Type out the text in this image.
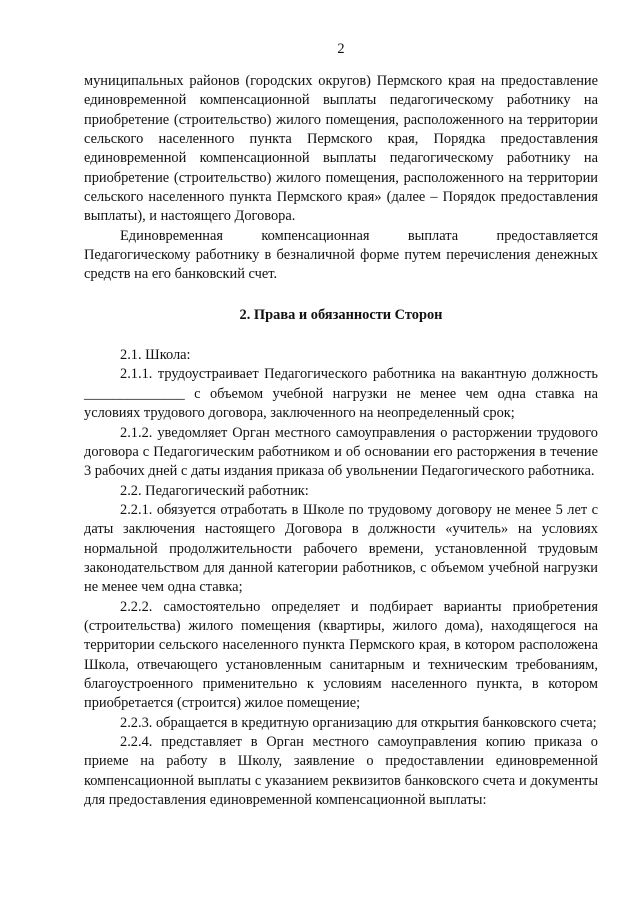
2

муниципальных районов (городских округов) Пермского края на предоставление единовременной компенсационной выплаты педагогическому работнику на приобретение (строительство) жилого помещения, расположенного на территории сельского населенного пункта Пермского края, Порядка предоставления единовременной компенсационной выплаты педагогическому работнику на приобретение (строительство) жилого помещения, расположенного на территории сельского населенного пункта Пермского края» (далее – Порядок предоставления выплаты), и настоящего Договора.

Единовременная компенсационная выплата предоставляется Педагогическому работнику в безналичной форме путем перечисления денежных средств на его банковский счет.

2. Права и обязанности Сторон

2.1. Школа:

2.1.1. трудоустраивает Педагогического работника на вакантную должность ______________ с объемом учебной нагрузки не менее чем одна ставка на условиях трудового договора, заключенного на неопределенный срок;

2.1.2. уведомляет Орган местного самоуправления о расторжении трудового договора с Педагогическим работником и об основании его расторжения в течение 3 рабочих дней с даты издания приказа об увольнении Педагогического работника.

2.2. Педагогический работник:

2.2.1. обязуется отработать в Школе по трудовому договору не менее 5 лет с даты заключения настоящего Договора в должности «учитель» на условиях нормальной продолжительности рабочего времени, установленной трудовым законодательством для данной категории работников, с объемом учебной нагрузки не менее чем одна ставка;

2.2.2. самостоятельно определяет и подбирает варианты приобретения (строительства) жилого помещения (квартиры, жилого дома), находящегося на территории сельского населенного пункта Пермского края, в котором расположена Школа, отвечающего установленным санитарным и техническим требованиям, благоустроенного применительно к условиям населенного пункта, в котором приобретается (строится) жилое помещение;

2.2.3. обращается в кредитную организацию для открытия банковского счета;

2.2.4. представляет в Орган местного самоуправления копию приказа о приеме на работу в Школу, заявление о предоставлении единовременной компенсационной выплаты с указанием реквизитов банковского счета и документы для предоставления единовременной компенсационной выплаты:
